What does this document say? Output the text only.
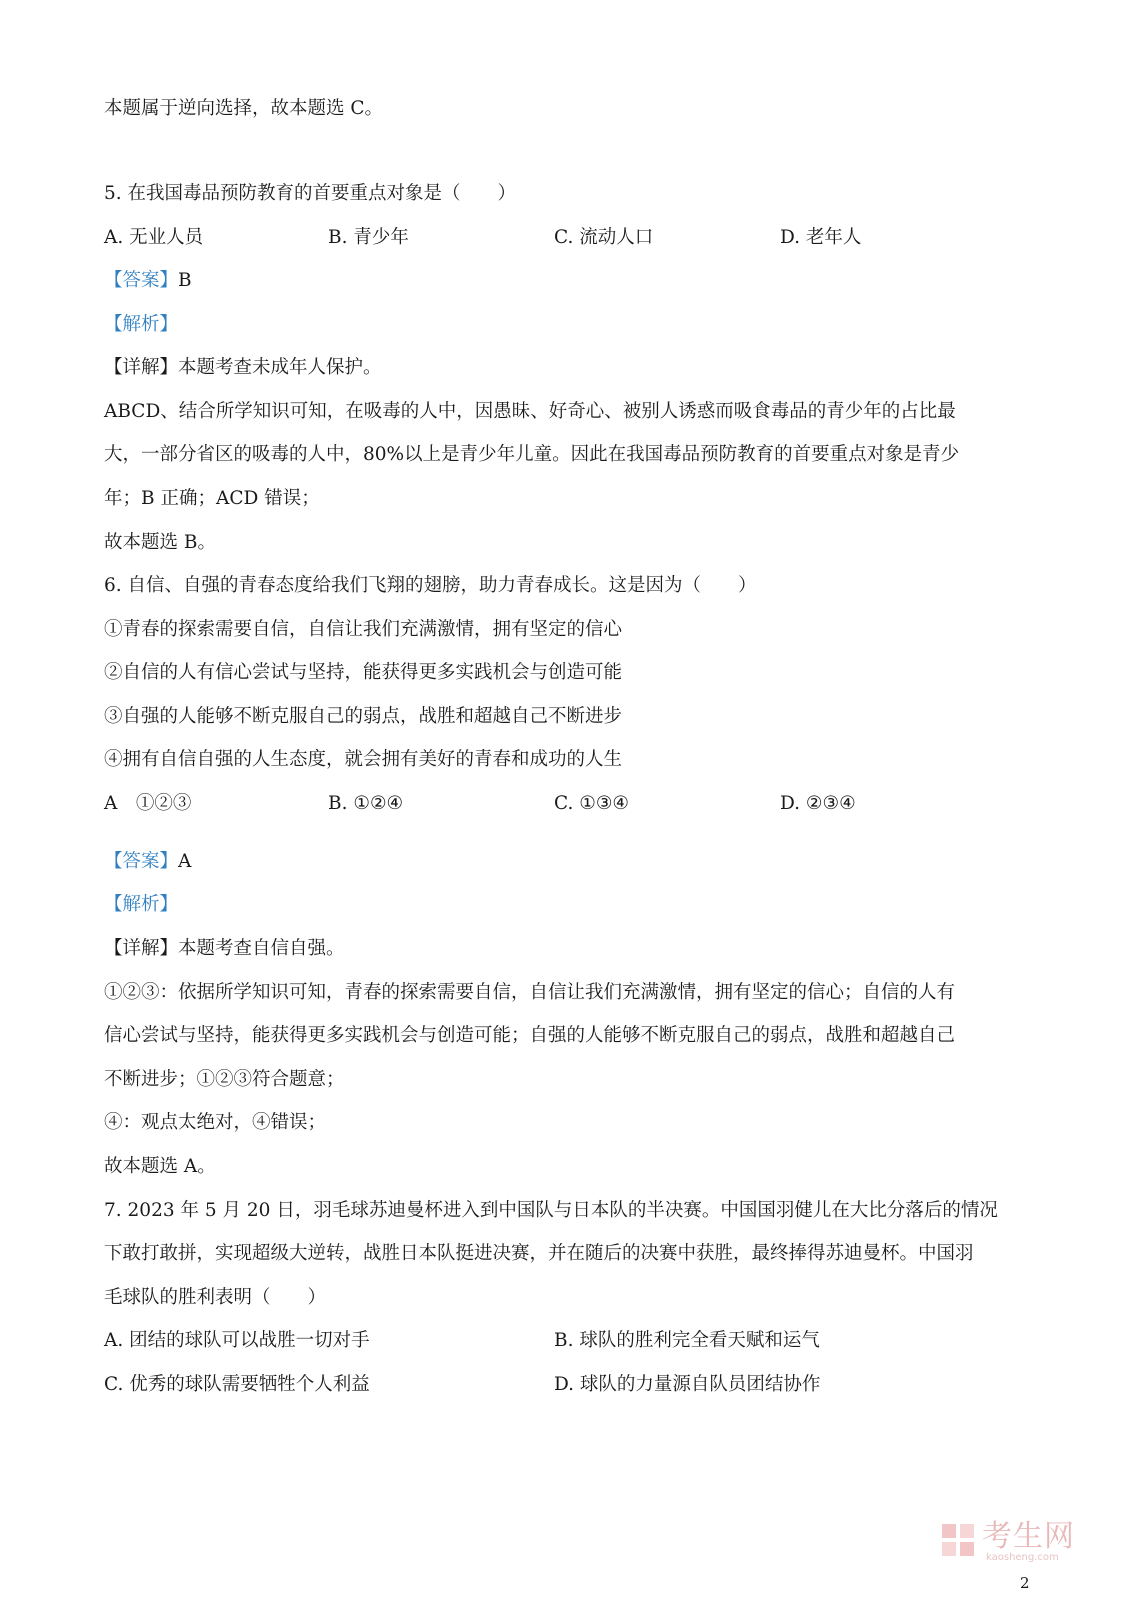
本题属于逆向选择，故本题选 C。
5. 在我国毒品预防教育的首要重点对象是（　　）
A. 无业人员	B. 青少年	C. 流动人口	D. 老年人
【答案】B
【解析】
【详解】本题考查未成年人保护。
ABCD、结合所学知识可知，在吸毒的人中，因愚昧、好奇心、被别人诱惑而吸食毒品的青少年的占比最
大，一部分省区的吸毒的人中，80%以上是青少年儿童。因此在我国毒品预防教育的首要重点对象是青少
年；B 正确；ACD 错误；
故本题选 B。
6. 自信、自强的青春态度给我们飞翔的翅膀，助力青春成长。这是因为（　　）
①青春的探索需要自信，自信让我们充满激情，拥有坚定的信心
②自信的人有信心尝试与坚持，能获得更多实践机会与创造可能
③自强的人能够不断克服自己的弱点，战胜和超越自己不断进步
④拥有自信自强的人生态度，就会拥有美好的青春和成功的人生
A　①②③	B. ①②④	C. ①③④	D. ②③④
【答案】A
【解析】
【详解】本题考查自信自强。
①②③：依据所学知识可知，青春的探索需要自信，自信让我们充满激情，拥有坚定的信心；自信的人有
信心尝试与坚持，能获得更多实践机会与创造可能；自强的人能够不断克服自己的弱点，战胜和超越自己
不断进步；①②③符合题意；
④：观点太绝对，④错误；
故本题选 A。
7. 2023 年 5 月 20 日，羽毛球苏迪曼杯进入到中国队与日本队的半决赛。中国国羽健儿在大比分落后的情况
下敢打敢拼，实现超级大逆转，战胜日本队挺进决赛，并在随后的决赛中获胜，最终捧得苏迪曼杯。中国羽
毛球队的胜利表明（　　）
A. 团结的球队可以战胜一切对手	B. 球队的胜利完全看天赋和运气
C. 优秀的球队需要牺牲个人利益	D. 球队的力量源自队员团结协作
考生网
kaosheng.com
2
